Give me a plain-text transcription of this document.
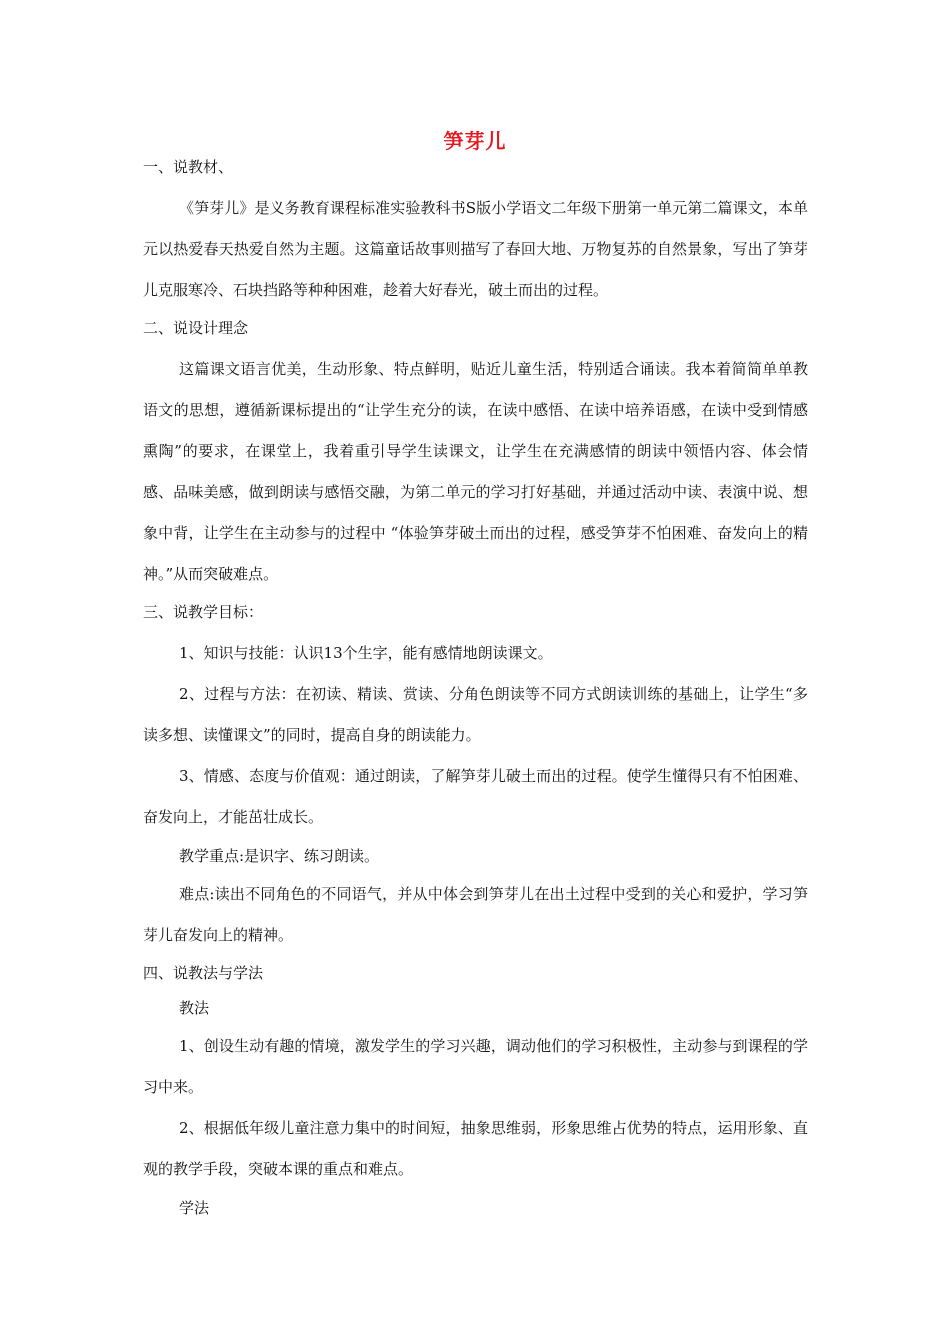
笋芽儿

一、说教材、

《笋芽儿》是义务教育课程标准实验教科书S版小学语文二年级下册第一单元第二篇课文，本单元以热爱春天热爱自然为主题。这篇童话故事则描写了春回大地、万物复苏的自然景象，写出了笋芽儿克服寒冷、石块挡路等种种困难，趁着大好春光，破土而出的过程。

二、说设计理念

这篇课文语言优美，生动形象、特点鲜明，贴近儿童生活，特别适合诵读。我本着简简单单教语文的思想，遵循新课标提出的“让学生充分的读，在读中感悟、在读中培养语感，在读中受到情感熏陶”的要求，在课堂上，我着重引导学生读课文，让学生在充满感情的朗读中领悟内容、体会情感、品味美感，做到朗读与感悟交融，为第二单元的学习打好基础，并通过活动中读、表演中说、想象中背，让学生在主动参与的过程中 “体验笋芽破土而出的过程，感受笋芽不怕困难、奋发向上的精神。”从而突破难点。

三、说教学目标：

1、知识与技能：认识13个生字，能有感情地朗读课文。

2、过程与方法：在初读、精读、赏读、分角色朗读等不同方式朗读训练的基础上，让学生“多读多想、读懂课文”的同时，提高自身的朗读能力。

3、情感、态度与价值观：通过朗读，了解笋芽儿破土而出的过程。使学生懂得只有不怕困难、奋发向上，才能茁壮成长。

教学重点:是识字、练习朗读。

难点:读出不同角色的不同语气，并从中体会到笋芽儿在出土过程中受到的关心和爱护，学习笋芽儿奋发向上的精神。

四、说教法与学法

教法

1、创设生动有趣的情境，激发学生的学习兴趣，调动他们的学习积极性，主动参与到课程的学习中来。

2、根据低年级儿童注意力集中的时间短，抽象思维弱，形象思维占优势的特点，运用形象、直观的教学手段，突破本课的重点和难点。

学法
